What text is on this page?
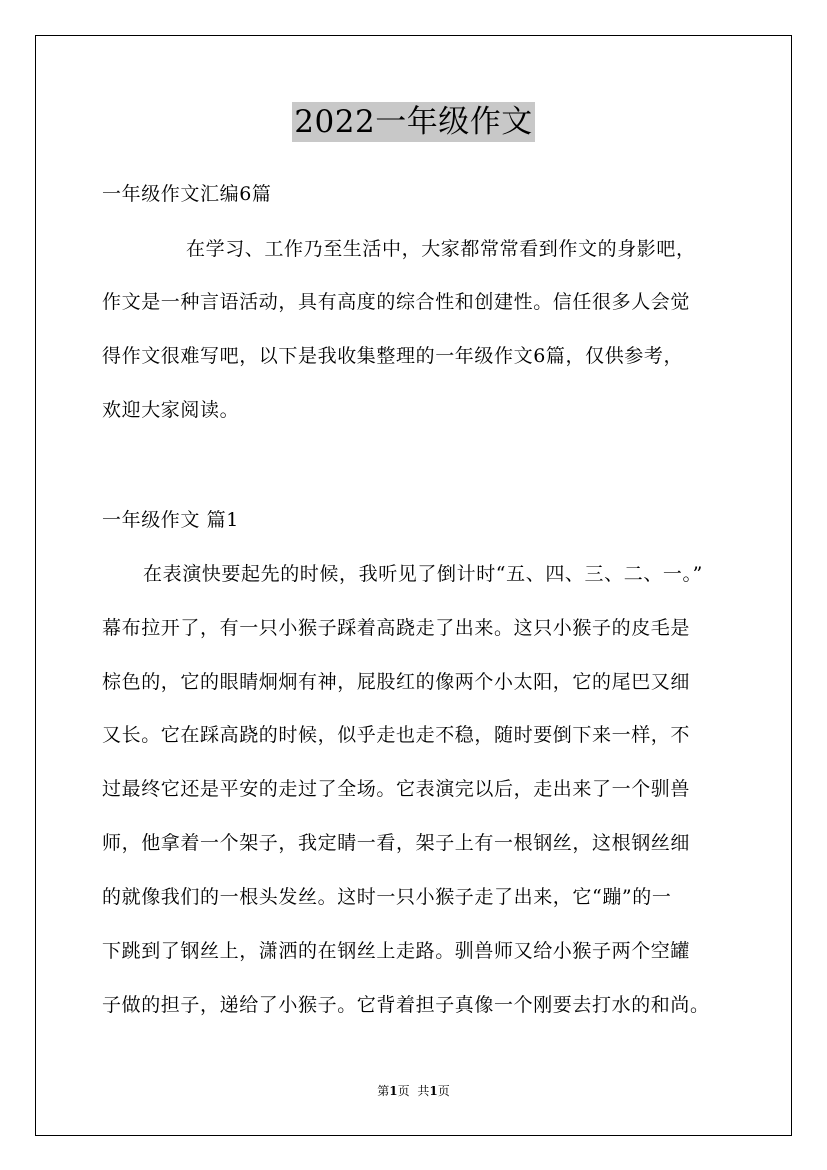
2022一年级作文
一年级作文汇编6篇
在学习、工作乃至生活中，大家都常常看到作文的身影吧，
作文是一种言语活动，具有高度的综合性和创建性。信任很多人会觉
得作文很难写吧，以下是我收集整理的一年级作文6篇，仅供参考，
欢迎大家阅读。
一年级作文 篇1
在表演快要起先的时候，我听见了倒计时“五、四、三、二、一。”
幕布拉开了，有一只小猴子踩着高跷走了出来。这只小猴子的皮毛是
棕色的，它的眼睛炯炯有神，屁股红的像两个小太阳，它的尾巴又细
又长。它在踩高跷的时候，似乎走也走不稳，随时要倒下来一样，不
过最终它还是平安的走过了全场。它表演完以后，走出来了一个驯兽
师，他拿着一个架子，我定睛一看，架子上有一根钢丝，这根钢丝细
的就像我们的一根头发丝。这时一只小猴子走了出来，它“蹦”的一
下跳到了钢丝上，潇洒的在钢丝上走路。驯兽师又给小猴子两个空罐
子做的担子，递给了小猴子。它背着担子真像一个刚要去打水的和尚。
第1页 共1页
